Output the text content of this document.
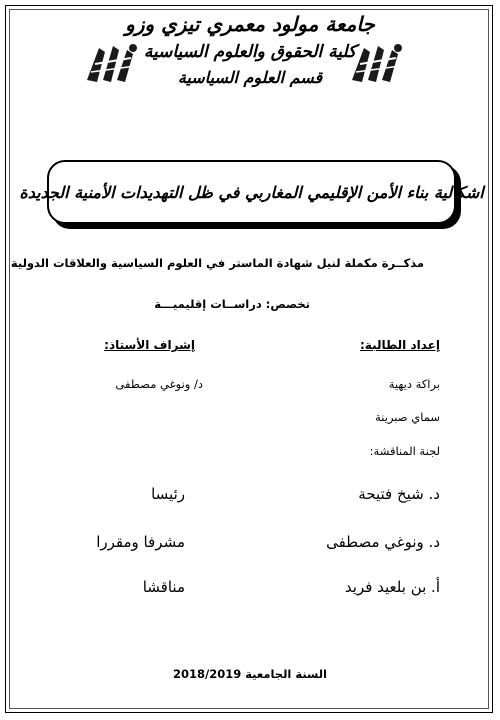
جامعة مولود معمري تيزي وزو
كلية الحقوق والعلوم السياسية
قسم العلوم السياسية
اشكالية بناء الأمن الإقليمي المغاربي في ظل التهديدات الأمنية الجديدة
مذكــرة مكملة لنيل شهادة الماستر في العلوم السياسية والعلاقات الدولية
تخصص: دراســات إقليميـــة
إعداد الطالبة:
إشراف الأستاذ:
براكة ديهية
د/ ونوغي مصطفى
سماي صبرينة
لجنة المناقشة:
د. شيخ فتيحة
رئيسا
د. ونوغي مصطفى
مشرفا ومقررا
أ. بن بلعيد فريد
مناقشا
السنة الجامعية 2018/2019
